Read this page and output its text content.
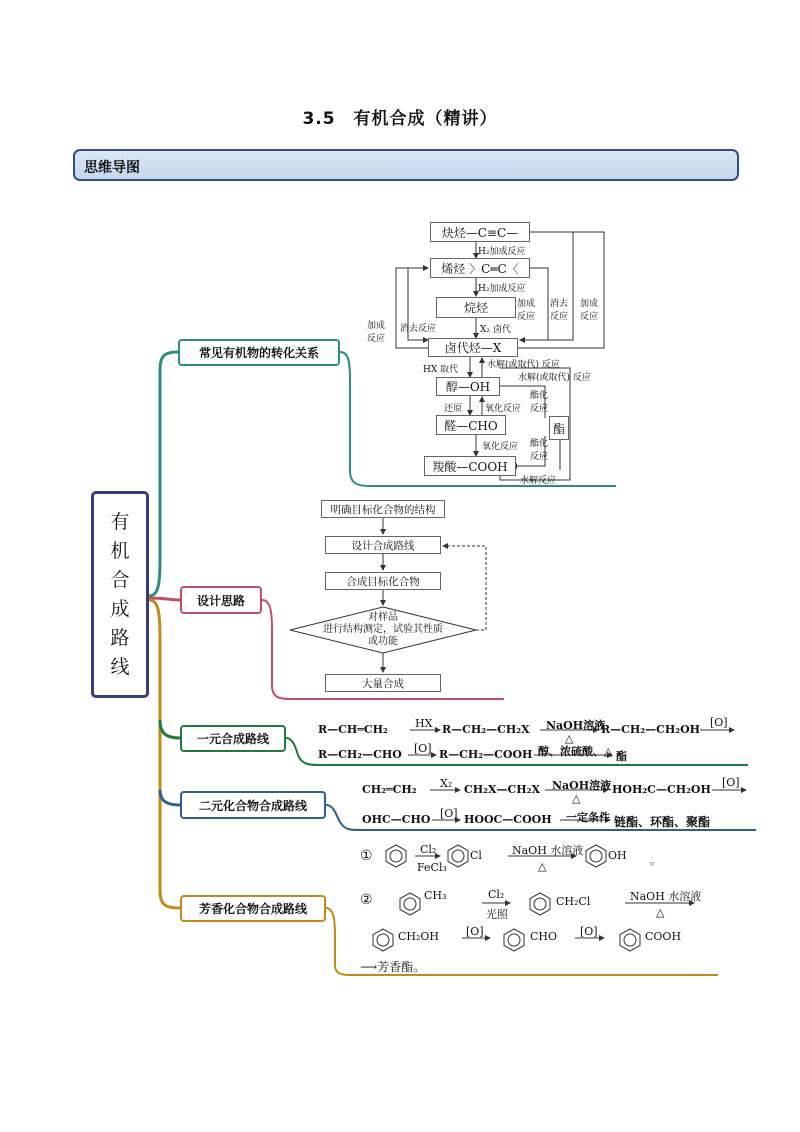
3.5　有机合成（精讲）
思维导图
有
机
合
成
路
线
常见有机物的转化关系
设计思路
一元合成路线
二元化合物合成路线
芳香化合物合成路线
炔烃—C≡C—
H₂加成反应
烯烃 〉C═C〈
H₂加成反应
烷烃
X₂ 卤代
加成
反应
消去反应
加成
反应
消去
反应
加成
反应
卤代烃—X
HX 取代	水解(或取代) 反应
水解(或取代) 反应
醇—OH
酯化
反应
还原	氧化反应
醛—CHO	酯
氧化反应 酯化
反应
羧酸—COOH
水解反应
明确目标化合物的结构
设计合成路线
合成目标化合物
对样品
进行结构测定，试验其性质
或功能
大量合成
R—CH═CH₂ HX R—CH₂—CH₂X NaOH溶液
△
R—CH₂—CH₂OH
[O]
R—CH₂—CHO [O] R—CH₂—COOH 醇、浓硫酸、△ 酯
CH₂═CH₂ X₂ CH₂X—CH₂X NaOH溶液
△
HOH₂C—CH₂OH
[O]
OHC—CHO [O] HOOC—COOH 一定条件 链酯、环酯、聚酯
①	Cl₂
FeCl₃
Cl	NaOH 水溶液
△
OH 。
②	CH₃	Cl₂
光照
CH₂Cl	NaOH 水溶液
△
CH₂OH [O]	CHO [O]	COOH
⟶芳香酯。
